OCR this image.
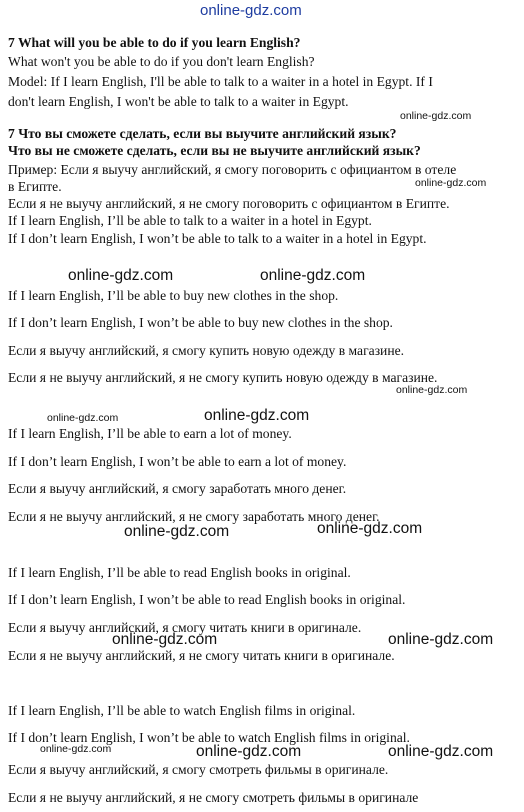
online-gdz.com
7 What will you be able to do if you learn English?
What won't you be able to do if you don't learn English?
Model: If I learn English, I'll be able to talk to a waiter in a hotel in Egypt. If I
don't learn English, I won't be able to talk to a waiter in Egypt.
online-gdz.com
7 Что вы сможете сделать, если вы выучите английский язык?
Что вы не сможете сделать, если вы не выучите английский язык?
Пример: Если я выучу английский, я смогу поговорить с официантом в отеле
в Египте.	online-gdz.com
Если я не выучу английский, я не смогу поговорить с официантом в Египте.
If I learn English, I’ll be able to talk to a waiter in a hotel in Egypt.
If I don’t learn English, I won’t be able to talk to a waiter in a hotel in Egypt.
online-gdz.com	online-gdz.com
If I learn English, I’ll be able to buy new clothes in the shop.
If I don’t learn English, I won’t be able to buy new clothes in the shop.
Если я выучу английский, я смогу купить новую одежду в магазине.
Если я не выучу английский, я не смогу купить новую одежду в магазине.
online-gdz.com
online-gdz.com	online-gdz.com
If I learn English, I’ll be able to earn a lot of money.
If I don’t learn English, I won’t be able to earn a lot of money.
Если я выучу английский, я смогу заработать много денег.
Если я не выучу английский, я не смогу заработать много денег.
online-gdz.com	online-gdz.com
If I learn English, I’ll be able to read English books in original.
If I don’t learn English, I won’t be able to read English books in original.
Если я выучу английский, я смогу читать книги в оригинале.
online-gdz.com	online-gdz.com
Если я не выучу английский, я не смогу читать книги в оригинале.
If I learn English, I’ll be able to watch English films in original.
If I don’t learn English, I won’t be able to watch English films in original.
online-gdz.com	online-gdz.com	online-gdz.com
Если я выучу английский, я смогу смотреть фильмы в оригинале.
Если я не выучу английский, я не смогу смотреть фильмы в оригинале
